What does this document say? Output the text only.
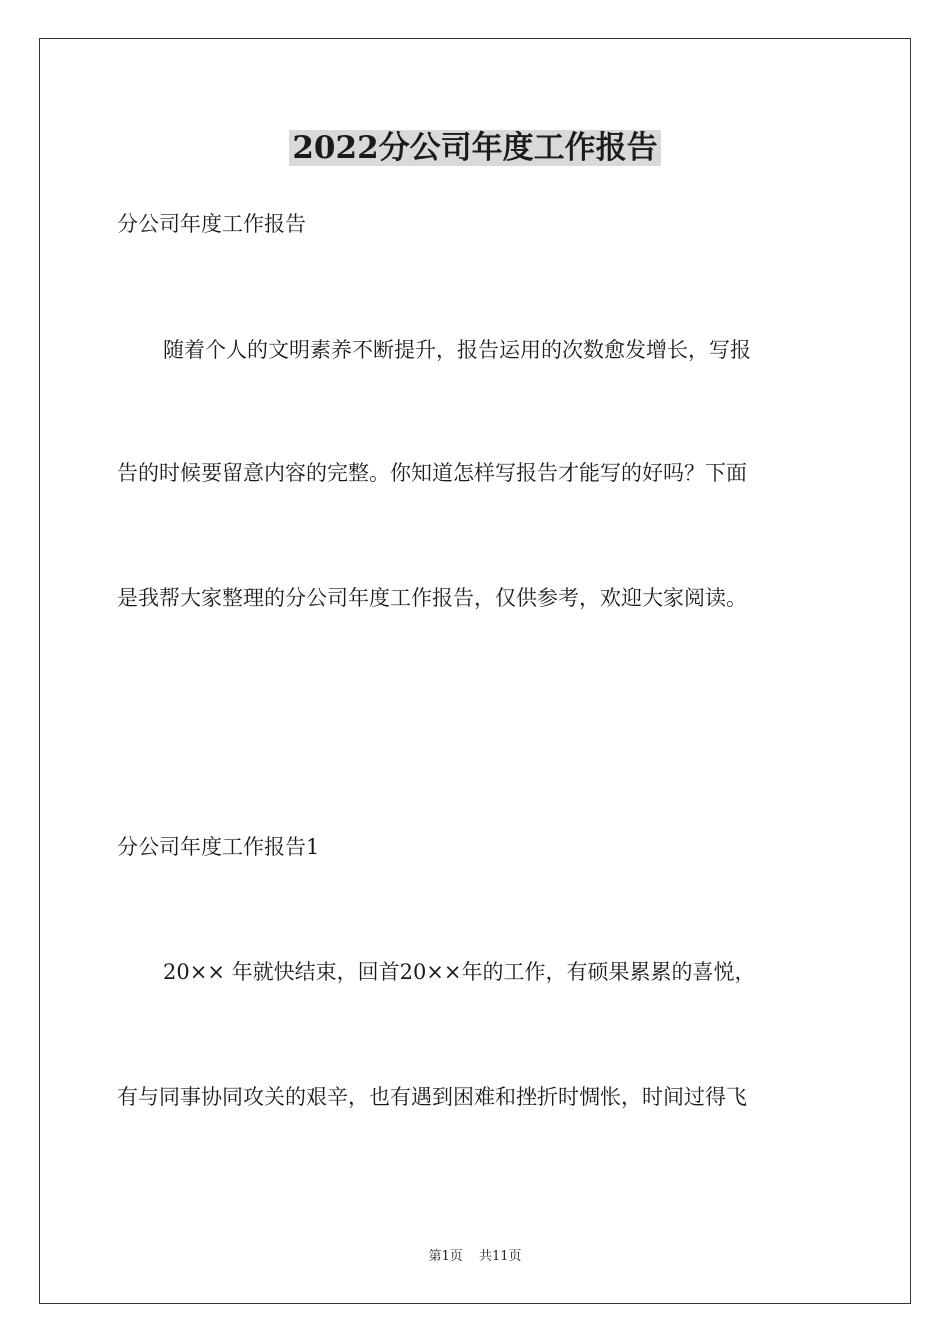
2022分公司年度工作报告
分公司年度工作报告
随着个人的文明素养不断提升，报告运用的次数愈发增长，写报
告的时候要留意内容的完整。你知道怎样写报告才能写的好吗？下面
是我帮大家整理的分公司年度工作报告，仅供参考，欢迎大家阅读。
分公司年度工作报告1
20×× 年就快结束，回首20××年的工作，有硕果累累的喜悦，
有与同事协同攻关的艰辛，也有遇到困难和挫折时惆怅，时间过得飞
第1页 共11页
